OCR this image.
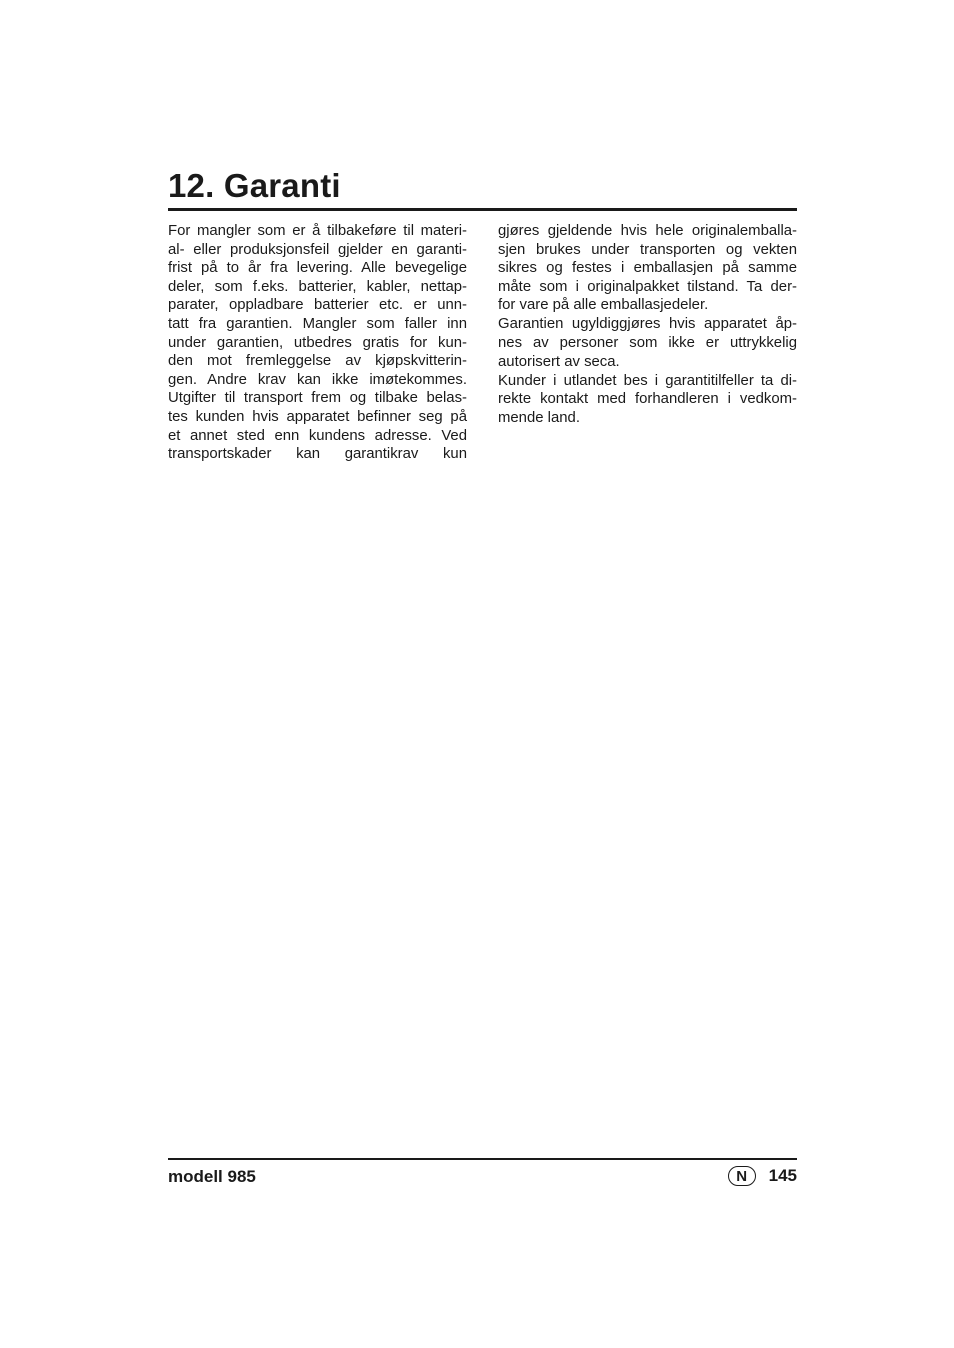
12. Garanti
For mangler som er å tilbakeføre til materi-
al- eller produksjonsfeil gjelder en garanti-
frist på to år fra levering. Alle bevegelige
deler, som f.eks. batterier, kabler, nettap-
parater, oppladbare batterier etc. er unn-
tatt fra garantien. Mangler som faller inn
under garantien, utbedres gratis for kun-
den mot fremleggelse av kjøpskvitterin-
gen. Andre krav kan ikke imøtekommes.
Utgifter til transport frem og tilbake belas-
tes kunden hvis apparatet befinner seg på
et annet sted enn kundens adresse. Ved
transportskader kan garantikrav kun
gjøres gjeldende hvis hele originalemballa-
sjen brukes under transporten og vekten
sikres og festes i emballasjen på samme
måte som i originalpakket tilstand. Ta der-
for vare på alle emballasjedeler.
Garantien ugyldiggjøres hvis apparatet åp-
nes av personer som ikke er uttrykkelig
autorisert av seca.
Kunder i utlandet bes i garantitilfeller ta di-
rekte kontakt med forhandleren i vedkom-
mende land.
modell 985	N	145
